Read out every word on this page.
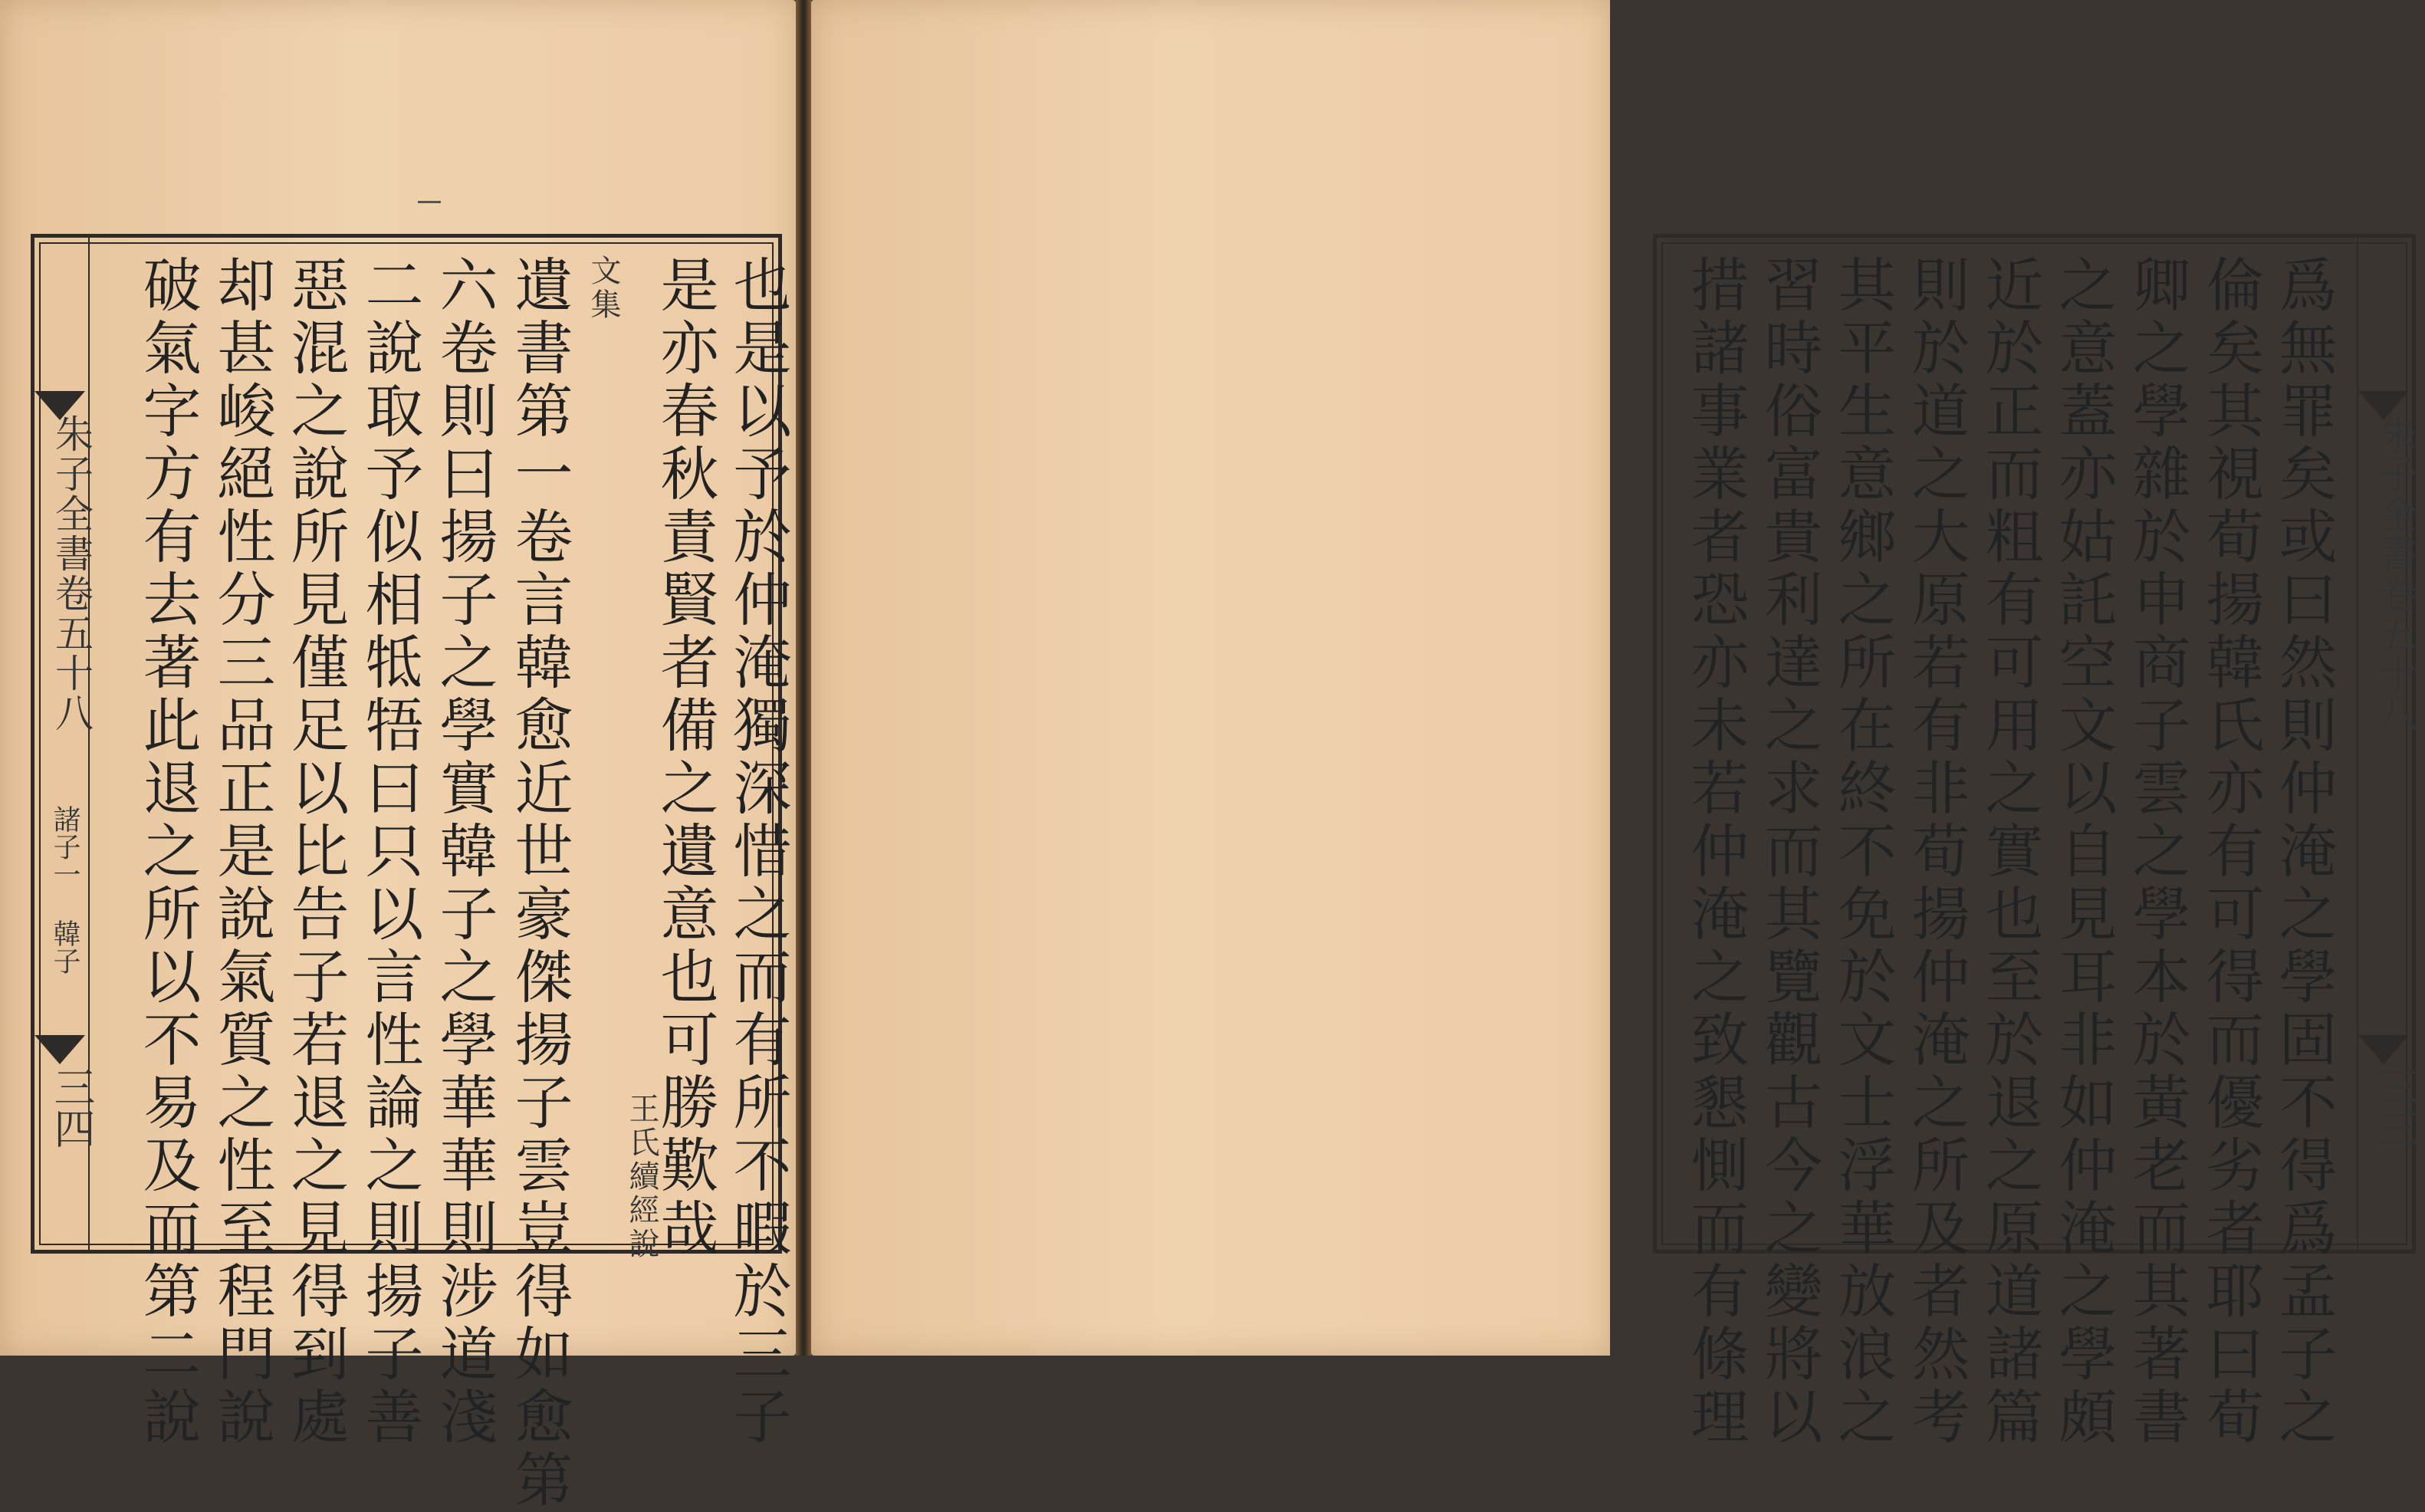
也是以予於仲淹獨深惜之而有所不暇於三子
是亦春秋責賢者備之遺意也可勝歎哉
王氏續經說
文集
遺書第一卷言韓愈近世豪傑揚子雲豈得如愈第
六卷則曰揚子之學實韓子之學華華則涉道淺
二說取予似相牴牾曰只以言性論之則揚子善
惡混之說所見僅足以比告子若退之見得到處
却甚峻絕性分三品正是說氣質之性至程門說
破氣字方有去著此退之所以不易及而第二說
朱子全書卷五十八
諸子一 韓子
三四	爲無罪矣或曰然則仲淹之學固不得爲孟子之
倫矣其視荀揚韓氏亦有可得而優劣者耶曰荀
卿之學雜於申商子雲之學本於黃老而其著書
之意蓋亦姑託空文以自見耳非如仲淹之學頗
近於正而粗有可用之實也至於退之原道諸篇
則於道之大原若有非荀揚仲淹之所及者然考
其平生意鄉之所在終不免於文士浮華放浪之
習時俗富貴利達之求而其覽觀古今之變將以
措諸事業者恐亦未若仲淹之致懇惻而有條理	朱子全書卷五十八
三三
